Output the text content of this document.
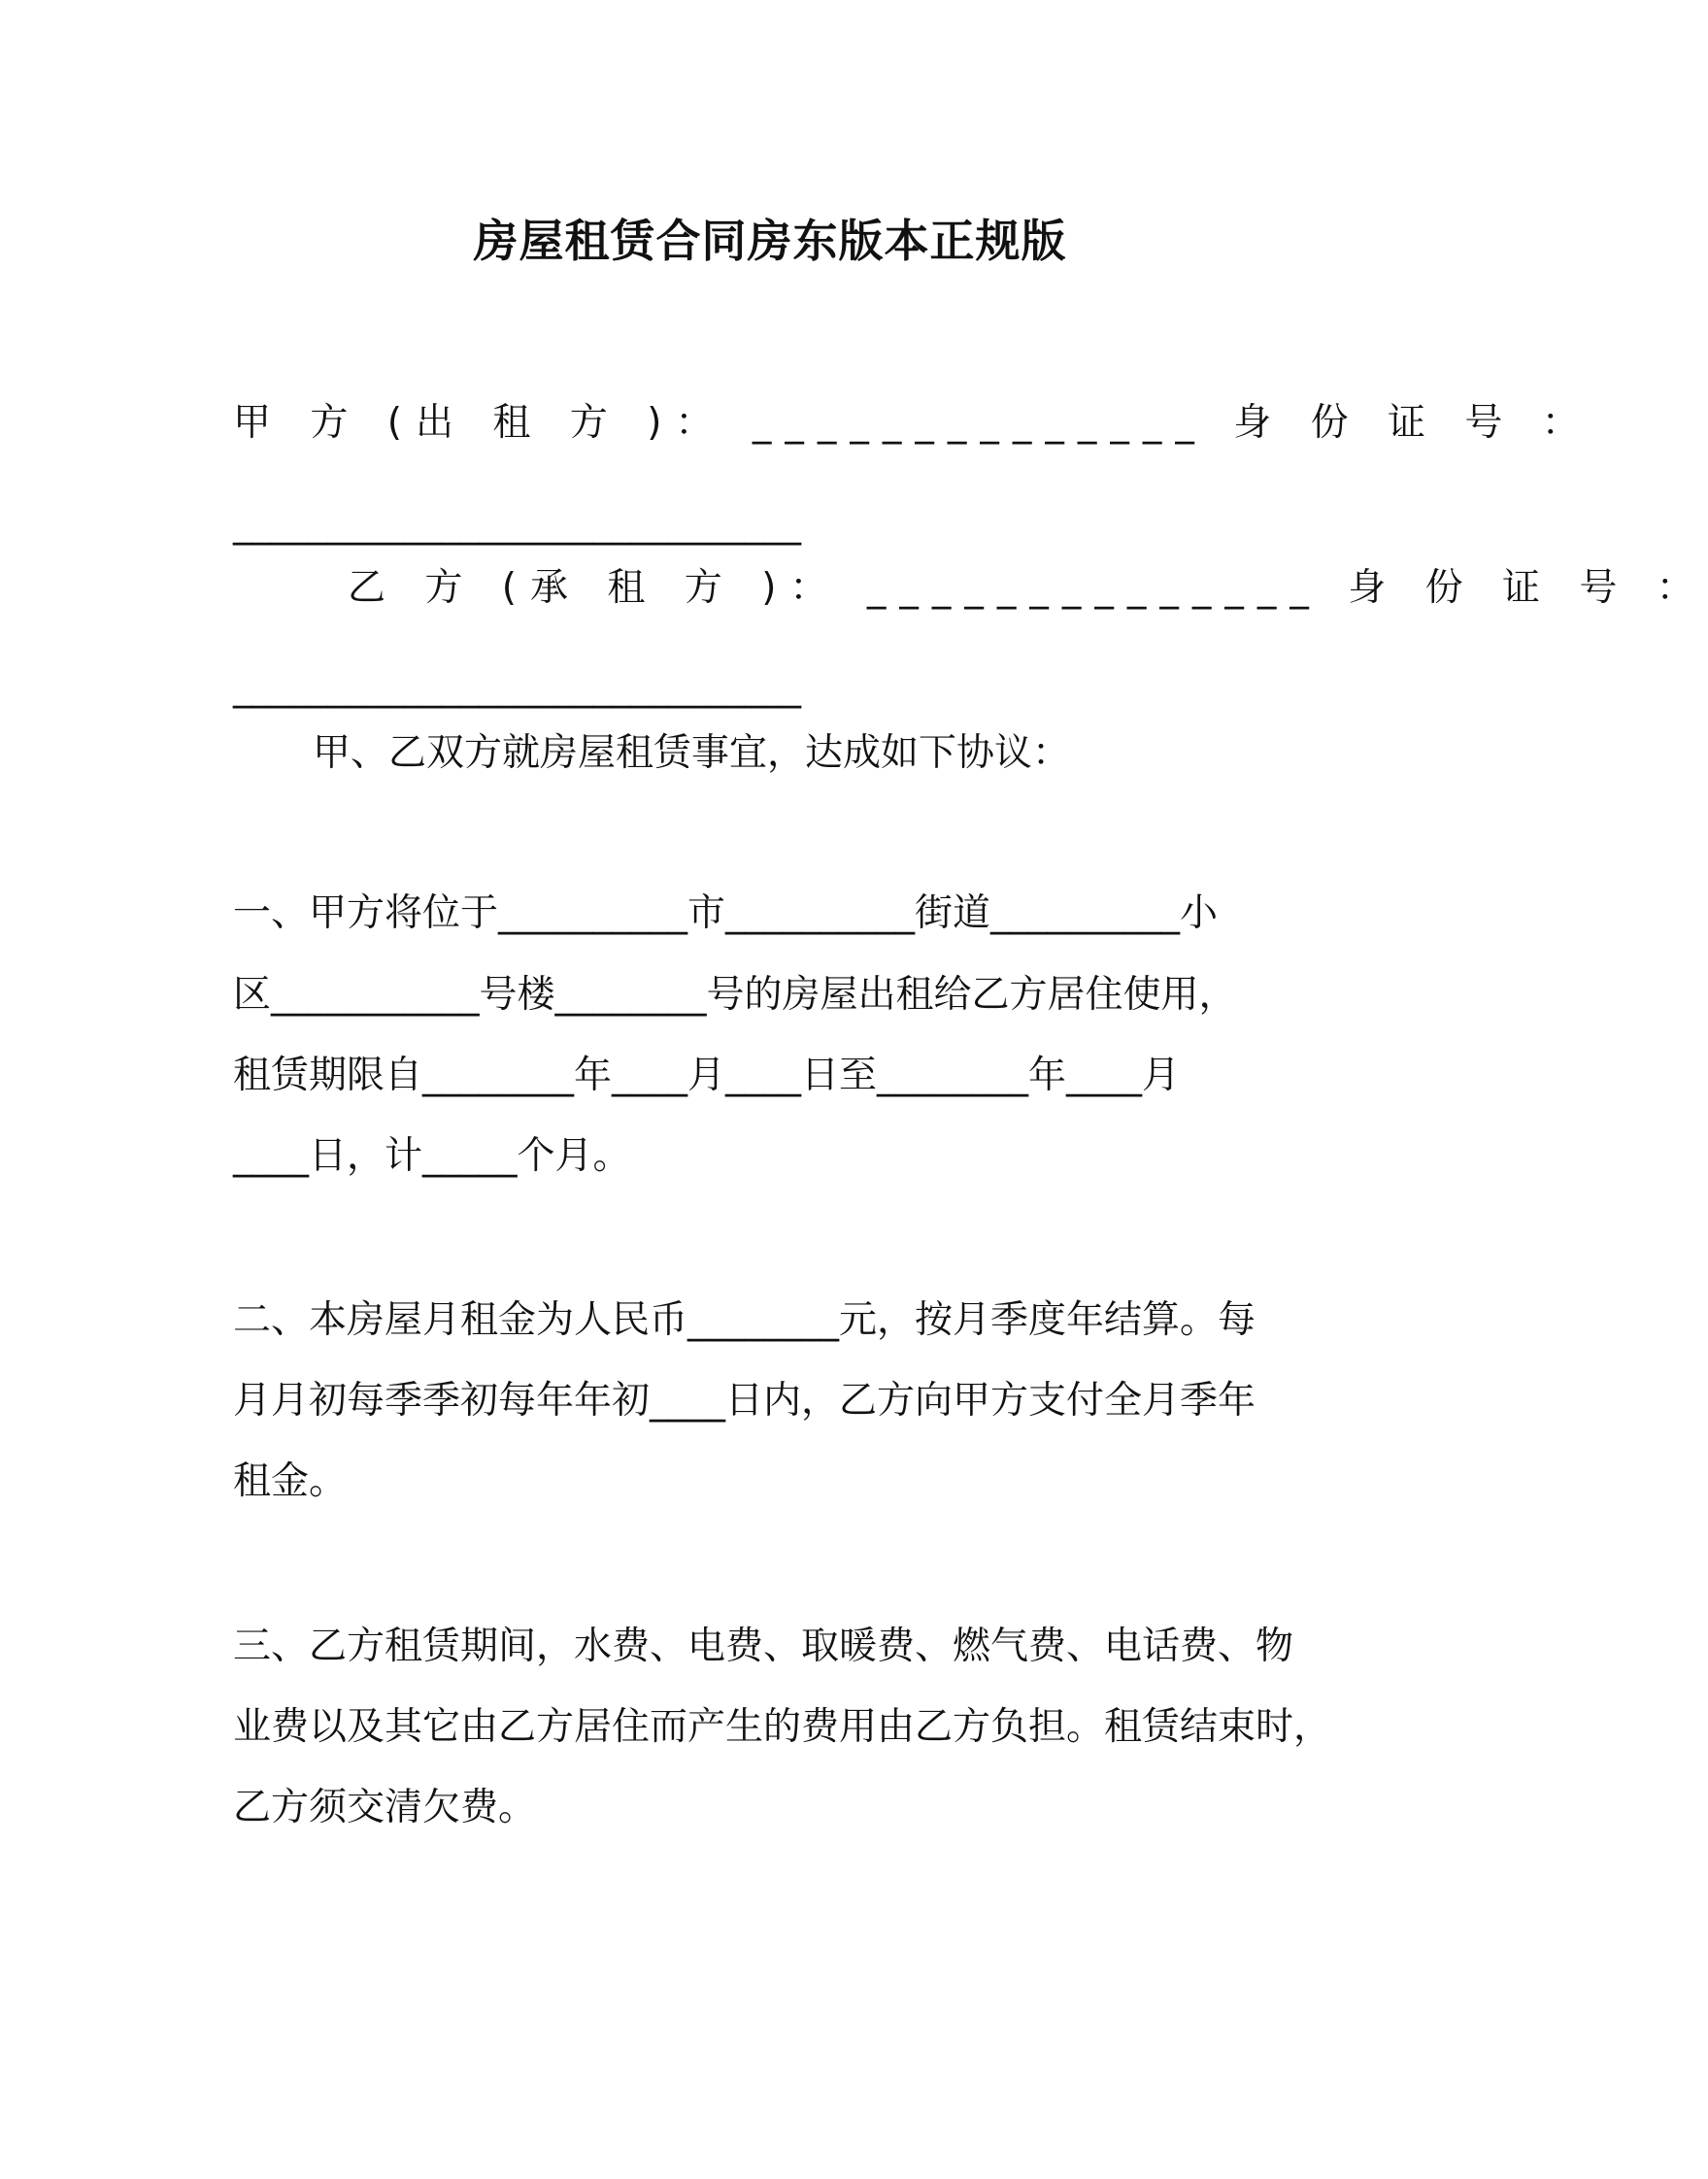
房屋租赁合同房东版本正规版
甲 方 (出 租 方 )： ______________ 身 份 证 号 ：
______________________________
乙 方 (承 租 方 )： ______________ 身 份 证 号 ：
______________________________
甲、乙双方就房屋租赁事宜，达成如下协议：
一、甲方将位于__________市__________街道__________小
区___________号楼________号的房屋出租给乙方居住使用，
租赁期限自________年____月____日至________年____月
____日，计_____个月。
二、本房屋月租金为人民币________元，按月季度年结算。每
月月初每季季初每年年初____日内，乙方向甲方支付全月季年
租金。
三、乙方租赁期间，水费、电费、取暖费、燃气费、电话费、物
业费以及其它由乙方居住而产生的费用由乙方负担。租赁结束时，
乙方须交清欠费。
